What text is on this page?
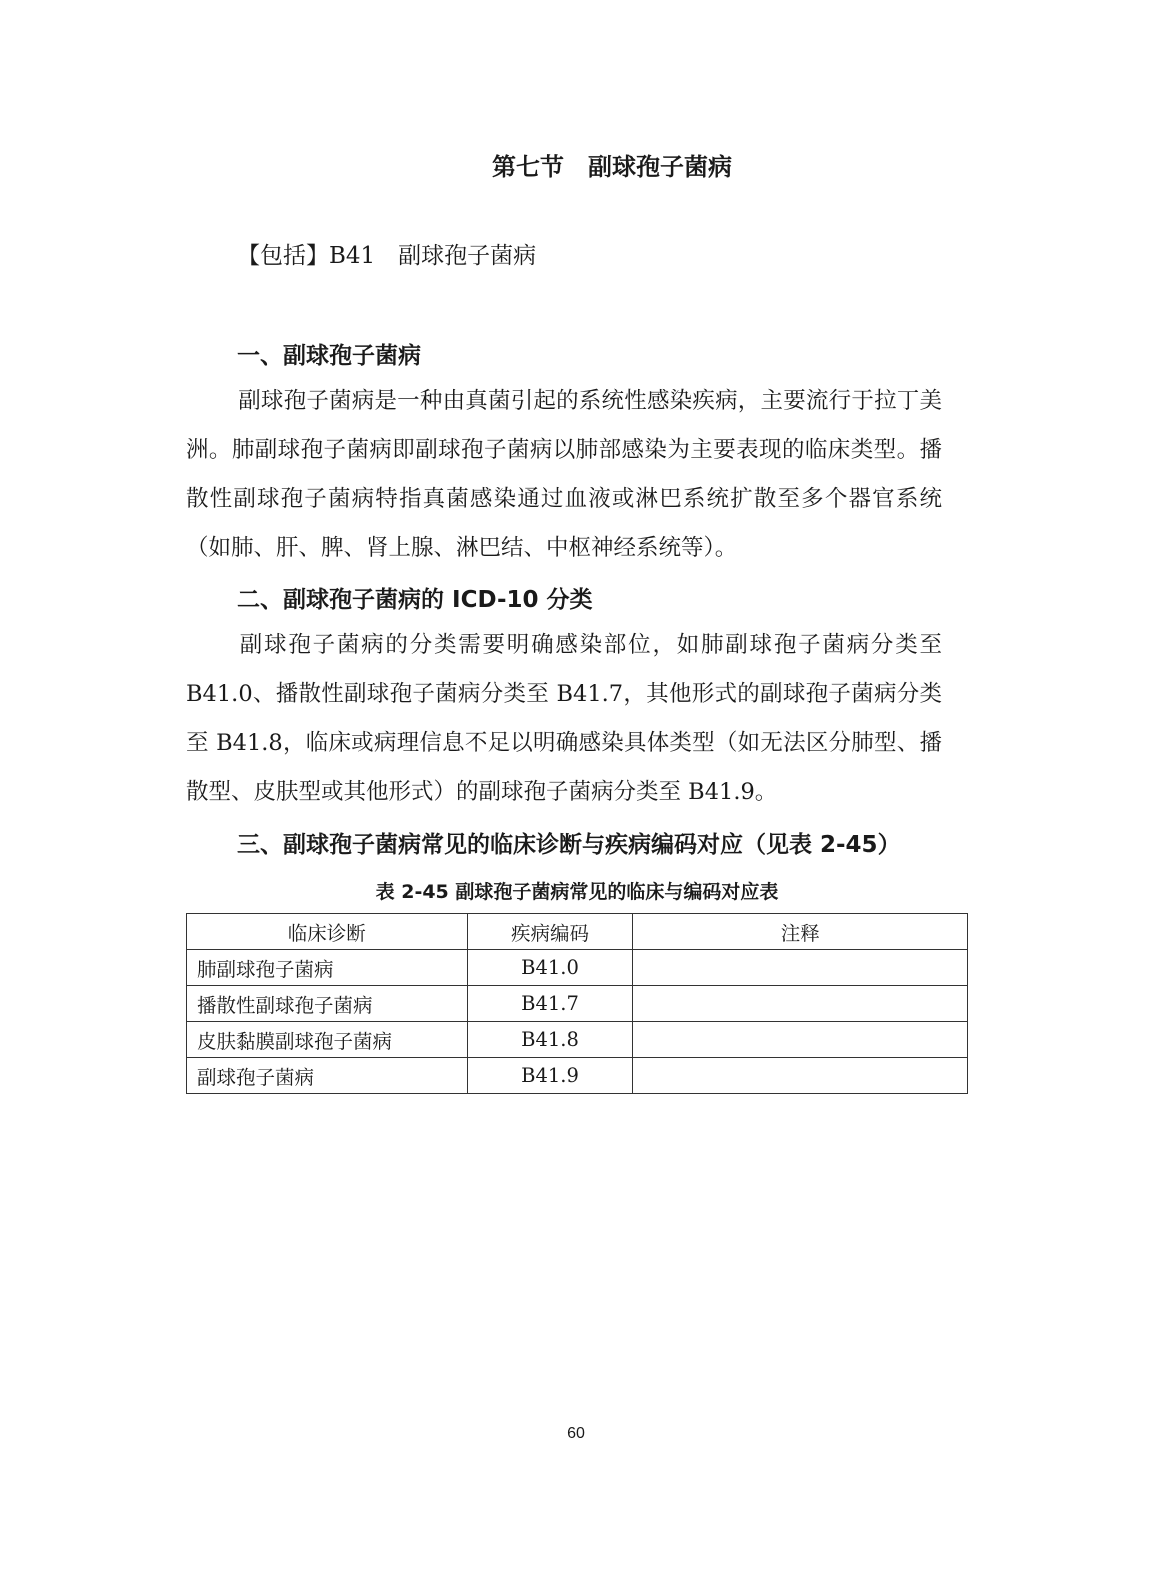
第七节　副球孢子菌病
【包括】B41　副球孢子菌病
一、副球孢子菌病
副球孢子菌病是一种由真菌引起的系统性感染疾病，主要流行于拉丁美洲。肺副球孢子菌病即副球孢子菌病以肺部感染为主要表现的临床类型。播散性副球孢子菌病特指真菌感染通过血液或淋巴系统扩散至多个器官系统（如肺、肝、脾、肾上腺、淋巴结、中枢神经系统等）。
二、副球孢子菌病的 ICD-10 分类
副球孢子菌病的分类需要明确感染部位，如肺副球孢子菌病分类至B41.0、播散性副球孢子菌病分类至 B41.7，其他形式的副球孢子菌病分类至 B41.8，临床或病理信息不足以明确感染具体类型（如无法区分肺型、播散型、皮肤型或其他形式）的副球孢子菌病分类至 B41.9。
三、副球孢子菌病常见的临床诊断与疾病编码对应（见表 2-45）
表 2-45 副球孢子菌病常见的临床与编码对应表
临床诊断	疾病编码	注释
肺副球孢子菌病	B41.0	
播散性副球孢子菌病	B41.7	
皮肤黏膜副球孢子菌病	B41.8	
副球孢子菌病	B41.9	
60
